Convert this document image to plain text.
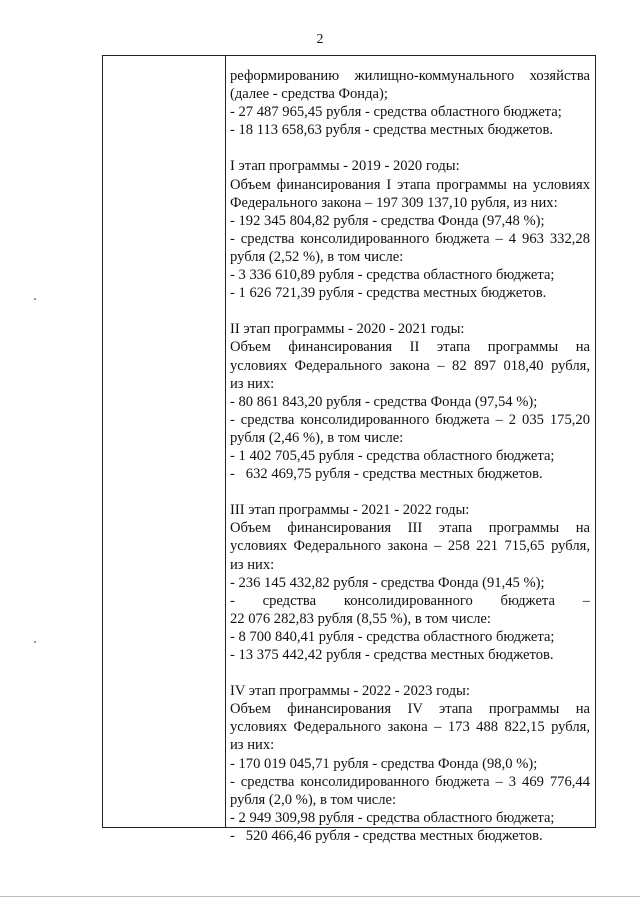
2
реформированию жилищно-коммунального хозяйства
(далее - средства Фонда);
- 27 487 965,45 рубля - средства областного бюджета;
- 18 113 658,63 рубля - средства местных бюджетов.
I этап программы - 2019 - 2020 годы:
Объем финансирования I этапа программы на условиях
Федерального закона – 197 309 137,10 рубля, из них:
- 192 345 804,82 рубля - средства Фонда (97,48 %);
- средства консолидированного бюджета – 4 963 332,28
рубля (2,52 %), в том числе:
- 3 336 610,89 рубля - средства областного бюджета;
- 1 626 721,39 рубля - средства местных бюджетов.
II этап программы - 2020 - 2021 годы:
Объем финансирования II этапа программы на
условиях Федерального закона – 82 897 018,40 рубля,
из них:
- 80 861 843,20 рубля - средства Фонда (97,54 %);
- средства консолидированного бюджета – 2 035 175,20
рубля (2,46 %), в том числе:
- 1 402 705,45 рубля - средства областного бюджета;
-   632 469,75 рубля - средства местных бюджетов.
III этап программы - 2021 - 2022 годы:
Объем финансирования III этапа программы на
условиях Федерального закона – 258 221 715,65 рубля,
из них:
- 236 145 432,82 рубля - средства Фонда (91,45 %);
- средства консолидированного бюджета –
22 076 282,83 рубля (8,55 %), в том числе:
- 8 700 840,41 рубля - средства областного бюджета;
- 13 375 442,42 рубля - средства местных бюджетов.
IV этап программы - 2022 - 2023 годы:
Объем финансирования IV этапа программы на
условиях Федерального закона – 173 488 822,15 рубля,
из них:
- 170 019 045,71 рубля - средства Фонда (98,0 %);
- средства консолидированного бюджета – 3 469 776,44
рубля (2,0 %), в том числе:
- 2 949 309,98 рубля - средства областного бюджета;
-   520 466,46 рубля - средства местных бюджетов.
